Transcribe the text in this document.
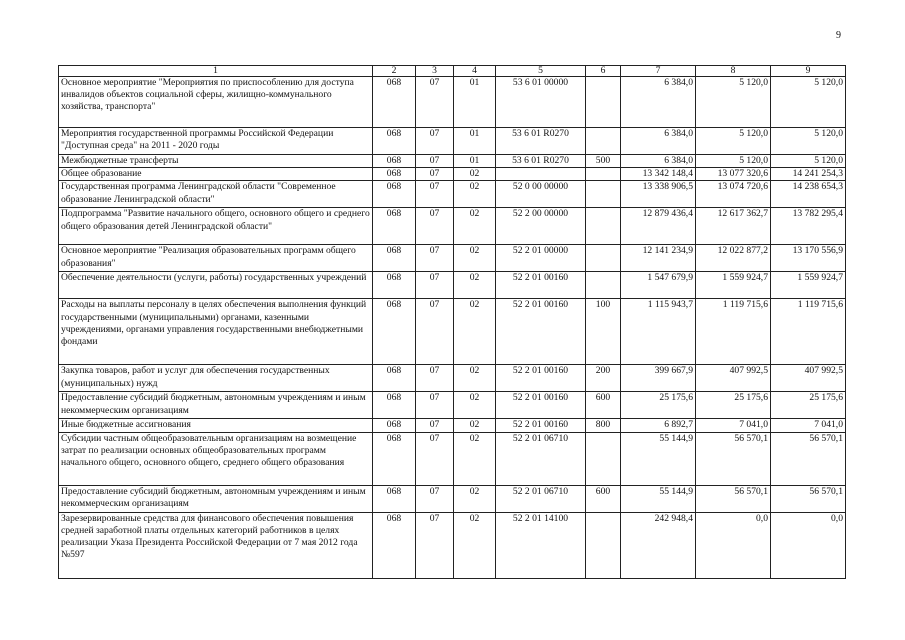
9
1	2	3	4	5	6	7	8	9
Основное мероприятие "Мероприятия по приспособлению для доступа инвалидов объектов социальной сферы, жилищно-коммунального хозяйства, транспорта"	068	07	01	53 6 01 00000		6 384,0	5 120,0	5 120,0
Мероприятия государственной программы Российской Федерации "Доступная среда" на 2011 - 2020 годы	068	07	01	53 6 01 R0270		6 384,0	5 120,0	5 120,0
Межбюджетные трансферты	068	07	01	53 6 01 R0270	500	6 384,0	5 120,0	5 120,0
Общее образование	068	07	02			13 342 148,4	13 077 320,6	14 241 254,3
Государственная программа Ленинградской области "Современное образование Ленинградской области"	068	07	02	52 0 00 00000		13 338 906,5	13 074 720,6	14 238 654,3
Подпрограмма "Развитие начального общего, основного общего и среднего общего образования детей Ленинградской области"	068	07	02	52 2 00 00000		12 879 436,4	12 617 362,7	13 782 295,4
Основное мероприятие "Реализация образовательных программ общего образования"	068	07	02	52 2 01 00000		12 141 234,9	12 022 877,2	13 170 556,9
Обеспечение деятельности (услуги, работы) государственных учреждений	068	07	02	52 2 01 00160		1 547 679,9	1 559 924,7	1 559 924,7
Расходы на выплаты персоналу в целях обеспечения выполнения функций государственными (муниципальными) органами, казенными учреждениями, органами управления государственными внебюджетными фондами	068	07	02	52 2 01 00160	100	1 115 943,7	1 119 715,6	1 119 715,6
Закупка товаров, работ и услуг для обеспечения государственных (муниципальных) нужд	068	07	02	52 2 01 00160	200	399 667,9	407 992,5	407 992,5
Предоставление субсидий бюджетным, автономным учреждениям и иным некоммерческим организациям	068	07	02	52 2 01 00160	600	25 175,6	25 175,6	25 175,6
Иные бюджетные ассигнования	068	07	02	52 2 01 00160	800	6 892,7	7 041,0	7 041,0
Субсидии частным общеобразовательным организациям на возмещение затрат по реализации основных общеобразовательных программ начального общего, основного общего, среднего общего образования	068	07	02	52 2 01 06710		55 144,9	56 570,1	56 570,1
Предоставление субсидий бюджетным, автономным учреждениям и иным некоммерческим организациям	068	07	02	52 2 01 06710	600	55 144,9	56 570,1	56 570,1
Зарезервированные средства для финансового обеспечения повышения средней заработной платы отдельных категорий работников в целях реализации Указа Президента Российской Федерации от 7 мая 2012 года №597	068	07	02	52 2 01 14100		242 948,4	0,0	0,0
